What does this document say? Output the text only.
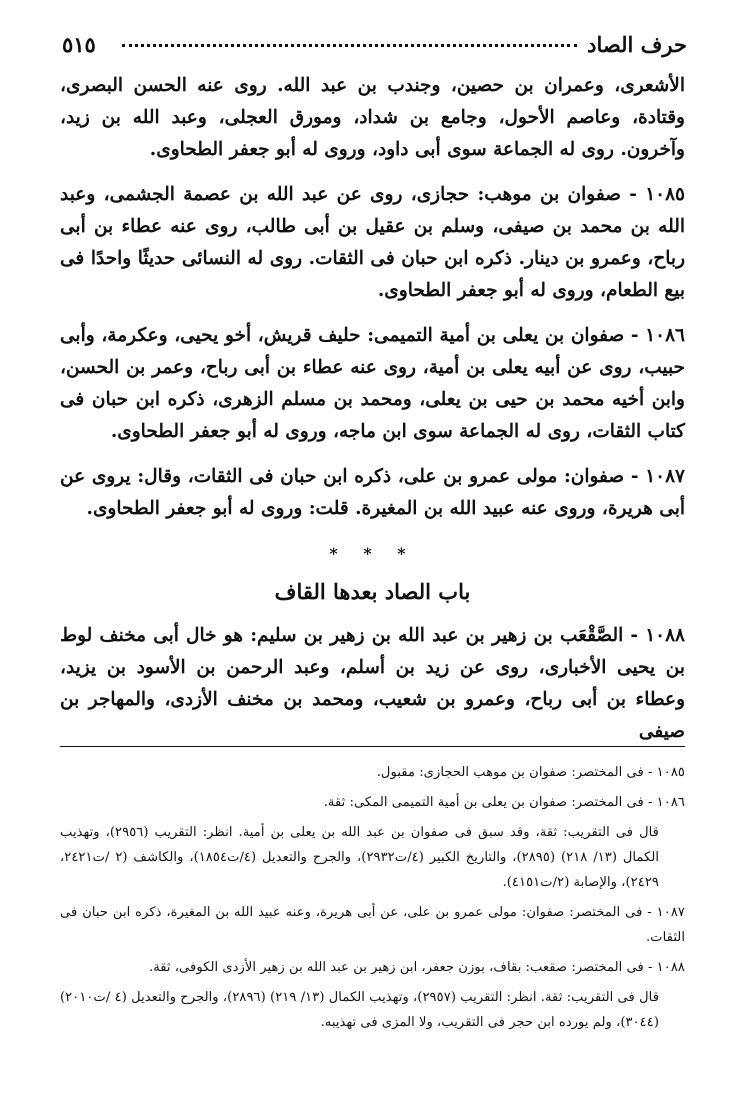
حرف الصاد
٥١٥

الأشعرى، وعمران بن حصين، وجندب بن عبد الله. روى عنه الحسن البصرى، وقتادة، وعاصم الأحول، وجامع بن شداد، ومورق العجلى، وعبد الله بن زيد، وآخرون. روى له الجماعة سوى أبى داود، وروى له أبو جعفر الطحاوى.

١٠٨٥ - صفوان بن موهب: حجازى، روى عن عبد الله بن عصمة الجشمى، وعبد الله بن محمد بن صيفى، وسلم بن عقيل بن أبى طالب، روى عنه عطاء بن أبى رباح، وعمرو بن دينار. ذكره ابن حبان فى الثقات. روى له النسائى حديثًا واحدًا فى بيع الطعام، وروى له أبو جعفر الطحاوى.

١٠٨٦ - صفوان بن يعلى بن أمية التميمى: حليف قريش، أخو يحيى، وعكرمة، وأبى حبيب، روى عن أبيه يعلى بن أمية، روى عنه عطاء بن أبى رباح، وعمر بن الحسن، وابن أخيه محمد بن حيى بن يعلى، ومحمد بن مسلم الزهرى، ذكره ابن حبان فى كتاب الثقات، روى له الجماعة سوى ابن ماجه، وروى له أبو جعفر الطحاوى.

١٠٨٧ - صفوان: مولى عمرو بن على، ذكره ابن حبان فى الثقات، وقال: يروى عن أبى هريرة، وروى عنه عبيد الله بن المغيرة. قلت: وروى له أبو جعفر الطحاوى.

* * *
باب الصاد بعدها القاف

١٠٨٨ - الصَّقْعَب بن زهير بن عبد الله بن زهير بن سليم: هو خال أبى مخنف لوط بن يحيى الأخبارى، روى عن زيد بن أسلم، وعبد الرحمن بن الأسود بن يزيد، وعطاء بن أبى رباح، وعمرو بن شعيب، ومحمد بن مخنف الأزدى، والمهاجر بن صيفى

١٠٨٥ - فى المختصر: صفوان بن موهب الحجازى: مقبول.

١٠٨٦ - فى المختصر: صفوان بن يعلى بن أمية التميمى المكى: ثقة.

قال فى التقريب: ثقة، وقد سبق فى صفوان بن عبد الله بن يعلى بن أمية. انظر: التقريب (٢٩٥٦)، وتهذيب الكمال (١٣/ ٢١٨) (٢٨٩٥)، والتاريخ الكبير (٤/ت٢٩٣٢)، والجرح والتعديل (٤/ت١٨٥٤)، والكاشف (٢ /ت٢٤٢١، ٢٤٢٩)، والإصابة (٢/ت٤١٥١).

١٠٨٧ - فى المختصر: صفوان: مولى عمرو بن على، عن أبى هريرة، وعنه عبيد الله بن المغيرة، ذكره ابن حبان فى الثقات.

١٠٨٨ - فى المختصر: صقعب: بقاف، بوزن جعفر، ابن زهير بن عبد الله بن زهير الأزدى الكوفى، ثقة.

قال فى التقريب: ثقة. انظر: التقريب (٢٩٥٧)، وتهذيب الكمال (١٣/ ٢١٩) (٢٨٩٦)، والجرح والتعديل (٤ /ت٢٠١٠) (٣٠٤٤)، ولم يورده ابن حجر فى التقريب، ولا المزى فى تهذيبه.
